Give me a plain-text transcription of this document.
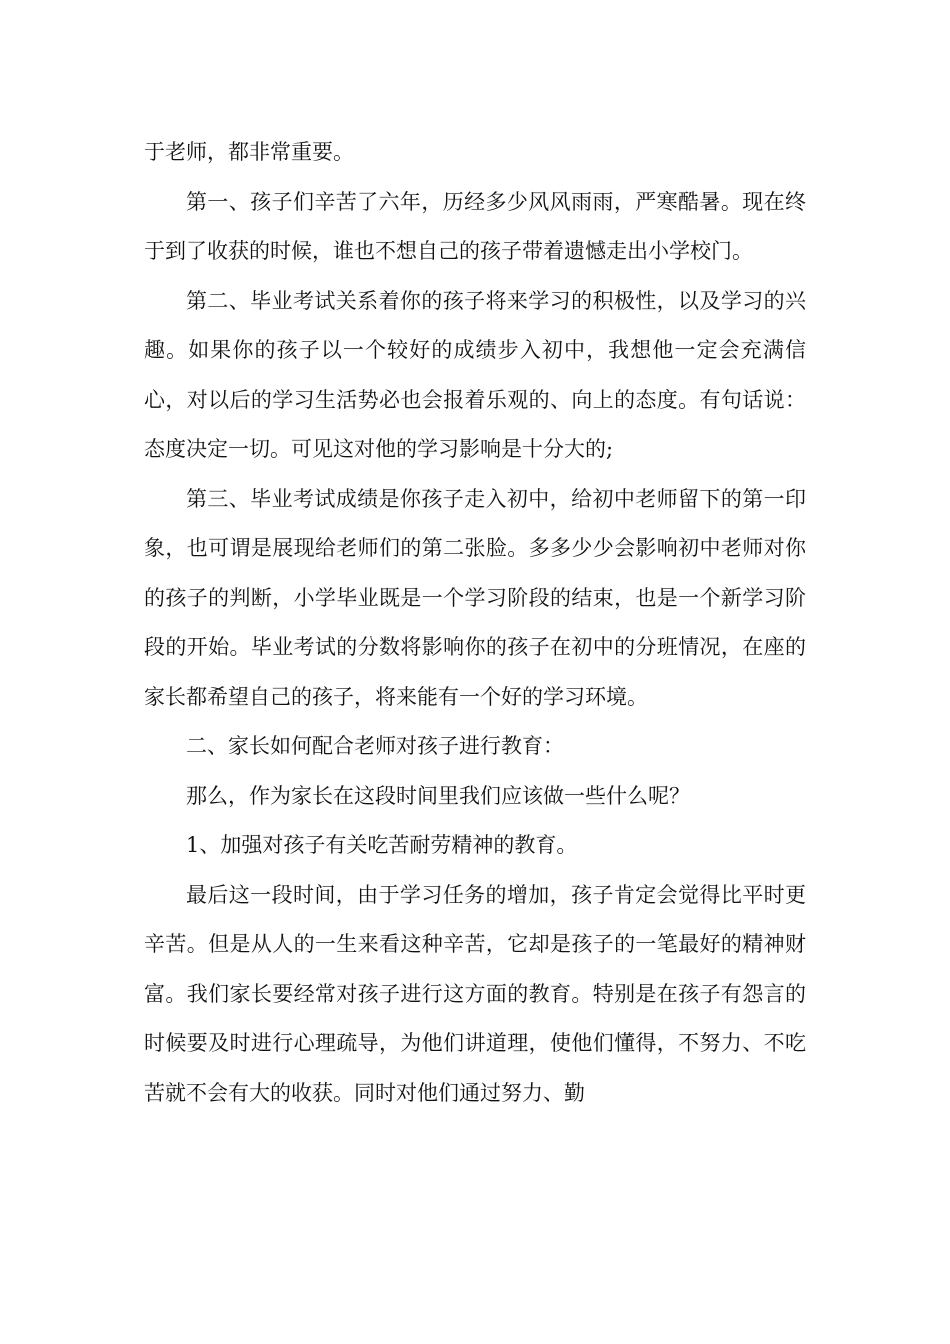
于老师，都非常重要。

第一、孩子们辛苦了六年，历经多少风风雨雨，严寒酷暑。现在终于到了收获的时候，谁也不想自己的孩子带着遗憾走出小学校门。

第二、毕业考试关系着你的孩子将来学习的积极性，以及学习的兴趣。如果你的孩子以一个较好的成绩步入初中，我想他一定会充满信心，对以后的学习生活势必也会报着乐观的、向上的态度。有句话说：态度决定一切。可见这对他的学习影响是十分大的;

第三、毕业考试成绩是你孩子走入初中，给初中老师留下的第一印象，也可谓是展现给老师们的第二张脸。多多少少会影响初中老师对你的孩子的判断，小学毕业既是一个学习阶段的结束，也是一个新学习阶段的开始。毕业考试的分数将影响你的孩子在初中的分班情况，在座的家长都希望自己的孩子，将来能有一个好的学习环境。

二、家长如何配合老师对孩子进行教育：

那么，作为家长在这段时间里我们应该做一些什么呢？

1、加强对孩子有关吃苦耐劳精神的教育。

最后这一段时间，由于学习任务的增加，孩子肯定会觉得比平时更辛苦。但是从人的一生来看这种辛苦，它却是孩子的一笔最好的精神财富。我们家长要经常对孩子进行这方面的教育。特别是在孩子有怨言的时候要及时进行心理疏导，为他们讲道理，使他们懂得，不努力、不吃苦就不会有大的收获。同时对他们通过努力、勤
